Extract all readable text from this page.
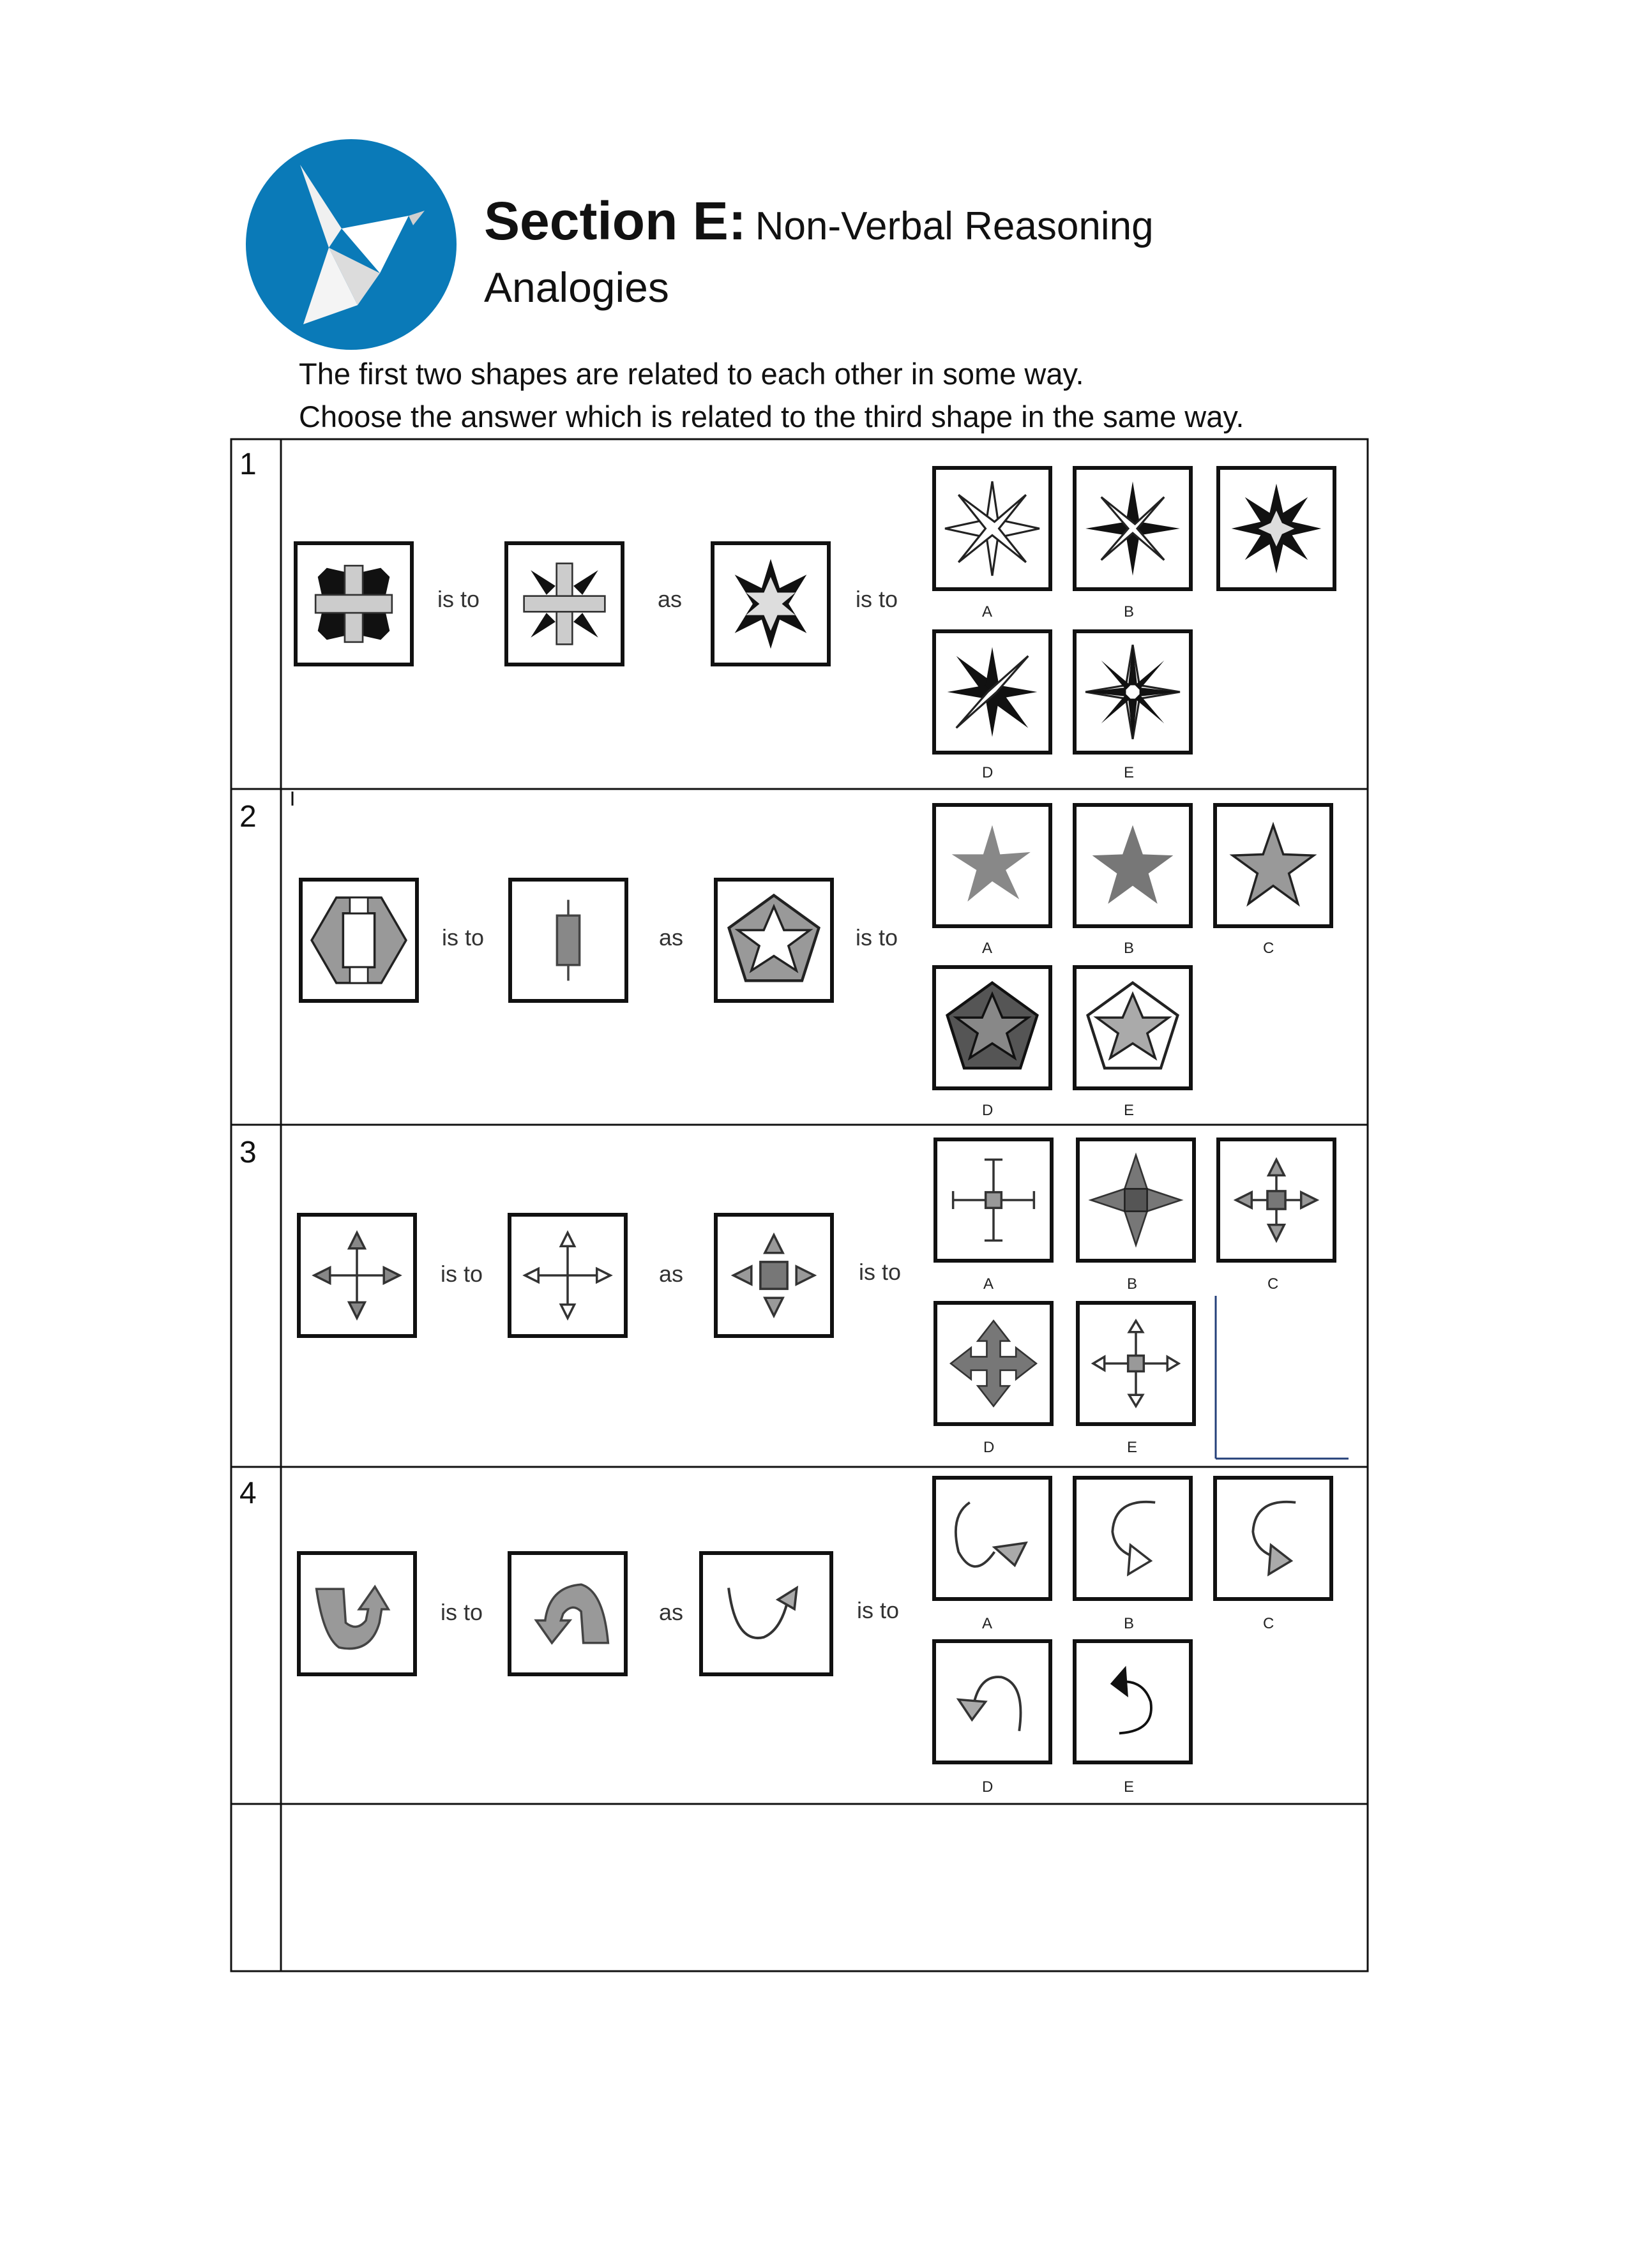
Section E: Non-Verbal Reasoning
Analogies
The first two shapes are related to each other in some way.
Choose the answer which is related to the third shape in the same way.
1
2
3
4
is to	as	is to	A	B
D	E
is to	as	is to	A	B	C
D	E
is to	as	is to	A	B	C
D	E
is to	as	is to
A	B	C
D	E
